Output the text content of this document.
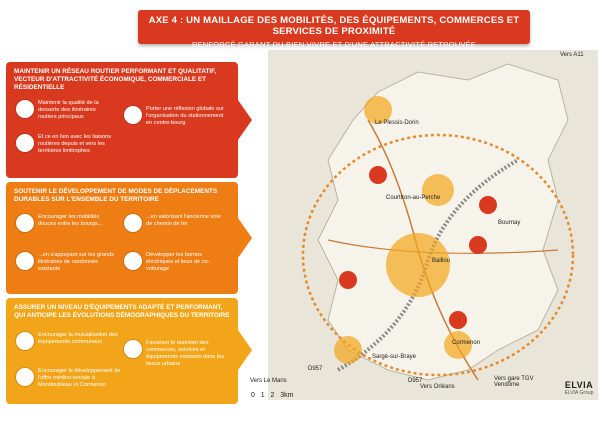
AXE 4 : UN MAILLAGE DES MOBILITÉS, DES ÉQUIPEMENTS, COMMERCES ET SERVICES DE PROXIMITÉ
RENFORCÉ GARANT DU BIEN VIVRE ET D'UNE ATTRACTIVITÉ RETROUVÉE
MAINTENIR UN RÉSEAU ROUTIER PERFORMANT ET QUALITATIF, VECTEUR D'ATTRACTIVITÉ ÉCONOMIQUE, COMMERCIALE ET RÉSIDENTIELLE
Maintenir la qualité de la desserte des itinéraires routiers principaux
Et ce en lien avec les liaisons routières depuis et vers les territoires limitrophes
Porter une réflexion globale sur l'organisation du stationnement en centre-bourg
SOUTENIR LE DÉVELOPPEMENT DE MODES DE DÉPLACEMENTS DURABLES SUR L'ENSEMBLE DU TERRITOIRE
Encourager les mobilités douces entre les bourgs...
...en valorisant l'ancienne voie de chemin de fer
...en s'appuyant sur les grands itinéraires de randonnée existants
Développer les bornes électriques et lieux de co-voiturage
ASSURER UN NIVEAU D'ÉQUIPEMENTS ADAPTÉ ET PERFORMANT, QUI ANTICIPE LES ÉVOLUTIONS DÉMOGRAPHIQUES DU TERRITOIRE
Encourager la mutualisation des équipements communaux
Encourager le développement de l'offre médico-sociale à Mondoubleau et Cormenon
Favoriser le maintien des commerces, services et équipements existants dans les tissus urbains
Vers A11
Le Plessis-Dorin
Courtiron-au-Perche
Bournay
Baillou
Vers Le Mans
Vers Orléans
Vers gare TGV Vendôme
D957
D957
Sargé-sur-Braye
Cormenon
0 1 2 3km
ELVIA
ELVIA Group
